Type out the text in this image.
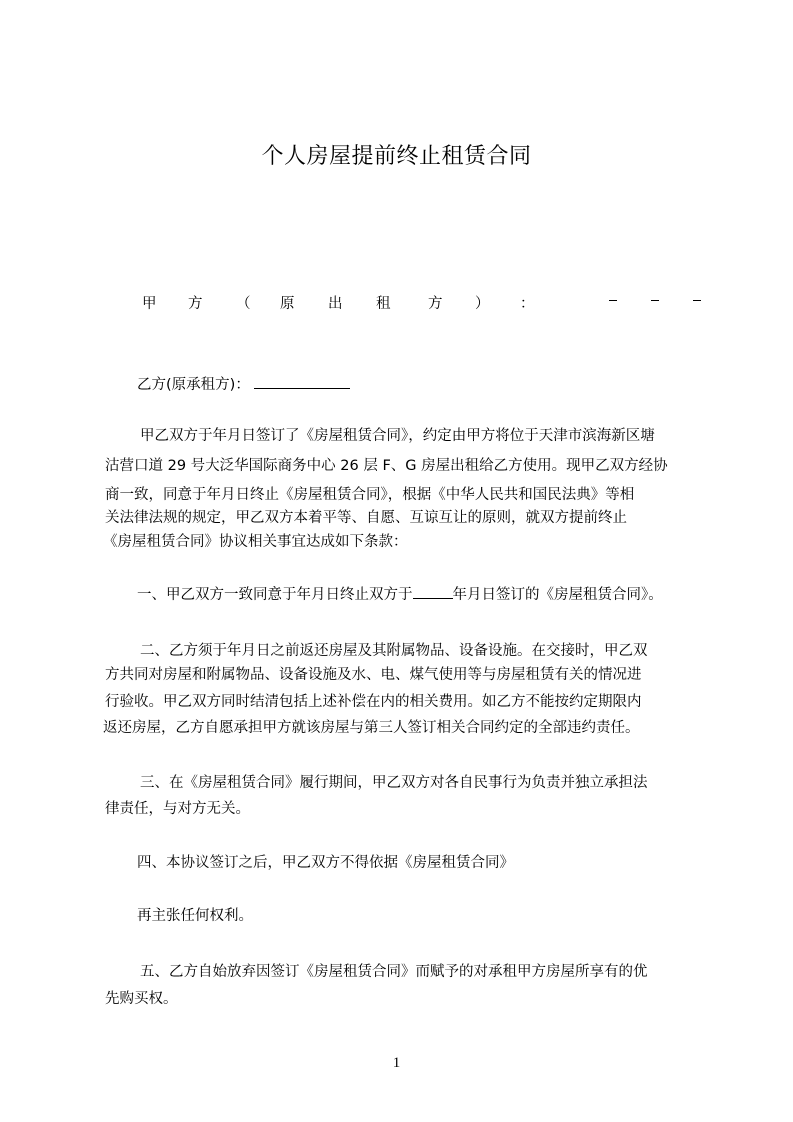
个人房屋提前终止租赁合同
甲 方 （ 原 出 租	方 ） ：
乙方(原承租方)：
甲乙双方于年月日签订了《房屋租赁合同》，约定由甲方将位于天津市滨海新区塘
沽营口道 29 号大泛华国际商务中心 26 层 F、G 房屋出租给乙方使用。现甲乙双方经协
商一致，同意于年月日终止《房屋租赁合同》，根据《中华人民共和国民法典》等相
关法律法规的规定，甲乙双方本着平等、自愿、互谅互让的原则，就双方提前终止
《房屋租赁合同》协议相关事宜达成如下条款：
一、甲乙双方一致同意于年月日终止双方于	年月日签订的《房屋租赁合同》。
二、乙方须于年月日之前返还房屋及其附属物品、设备设施。在交接时，甲乙双
方共同对房屋和附属物品、设备设施及水、电、煤气使用等与房屋租赁有关的情况进
行验收。甲乙双方同时结清包括上述补偿在内的相关费用。如乙方不能按约定期限内
返还房屋，乙方自愿承担甲方就该房屋与第三人签订相关合同约定的全部违约责任。
三、在《房屋租赁合同》履行期间，甲乙双方对各自民事行为负责并独立承担法
律责任，与对方无关。
四、本协议签订之后，甲乙双方不得依据《房屋租赁合同》
再主张任何权利。
五、乙方自始放弃因签订《房屋租赁合同》而赋予的对承租甲方房屋所享有的优
先购买权。
1
